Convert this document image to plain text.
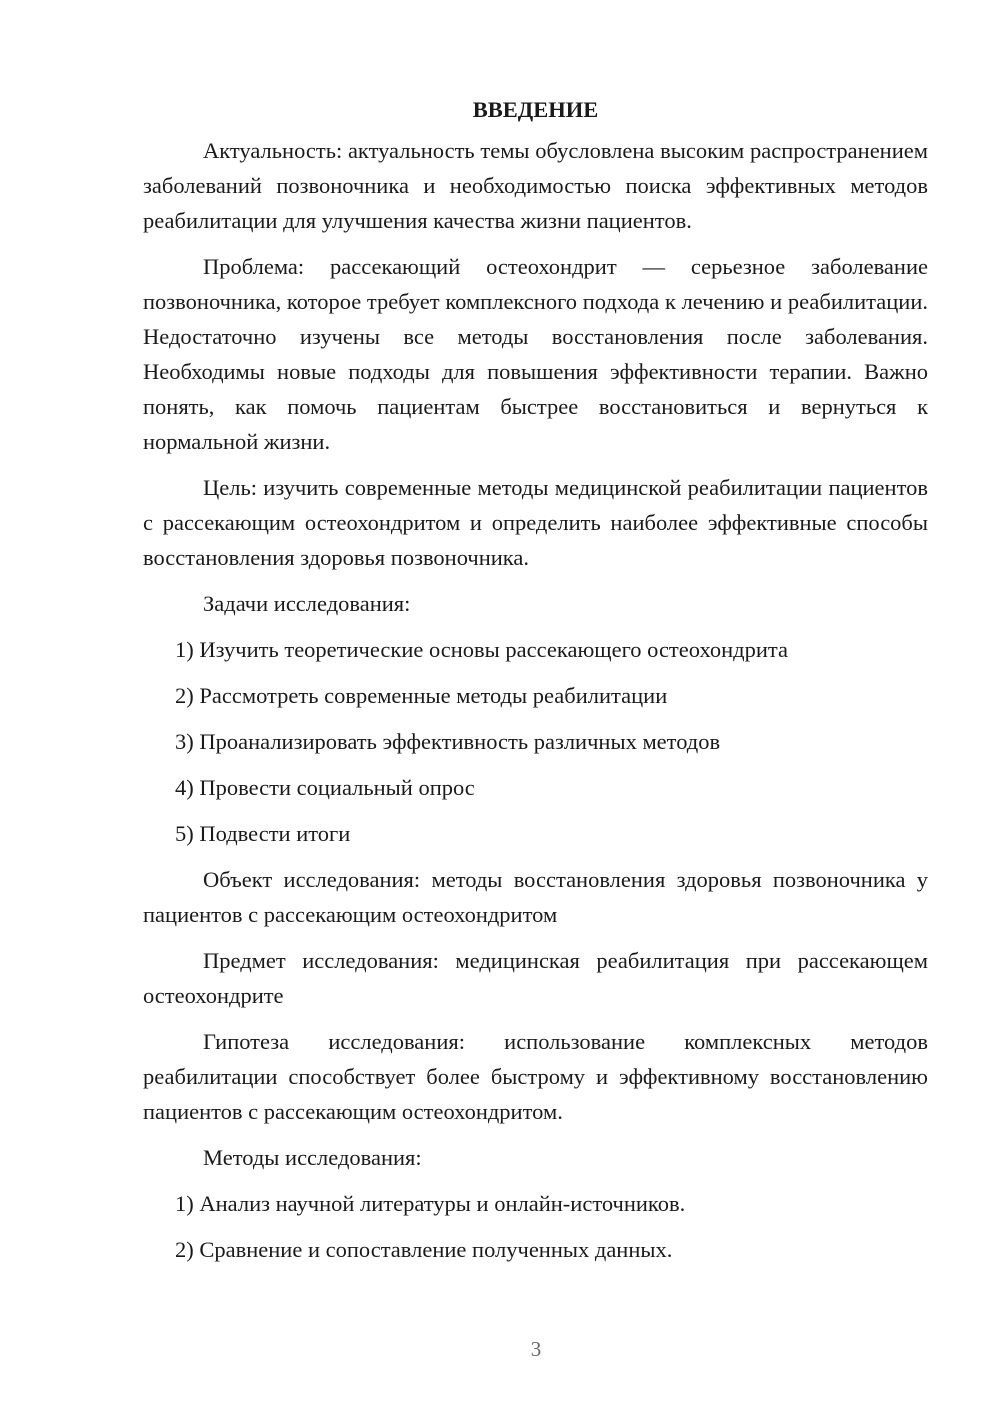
ВВЕДЕНИЕ

Актуальность: актуальность темы обусловлена высоким распространением заболеваний позвоночника и необходимостью поиска эффективных методов реабилитации для улучшения качества жизни пациентов.

Проблема: рассекающий остеохондрит — серьезное заболевание позвоночника, которое требует комплексного подхода к лечению и реабилитации. Недостаточно изучены все методы восстановления после заболевания. Необходимы новые подходы для повышения эффективности терапии. Важно понять, как помочь пациентам быстрее восстановиться и вернуться к нормальной жизни.

Цель: изучить современные методы медицинской реабилитации пациентов с рассекающим остеохондритом и определить наиболее эффективные способы восстановления здоровья позвоночника.

Задачи исследования:

1) Изучить теоретические основы рассекающего остеохондрита

2) Рассмотреть современные методы реабилитации

3) Проанализировать эффективность различных методов

4) Провести социальный опрос

5) Подвести итоги

Объект исследования: методы восстановления здоровья позвоночника у пациентов с рассекающим остеохондритом

Предмет исследования: медицинская реабилитация при рассекающем остеохондрите

Гипотеза исследования: использование комплексных методов реабилитации способствует более быстрому и эффективному восстановлению пациентов с рассекающим остеохондритом.

Методы исследования:

1) Анализ научной литературы и онлайн-источников.

2) Сравнение и сопоставление полученных данных.

3
